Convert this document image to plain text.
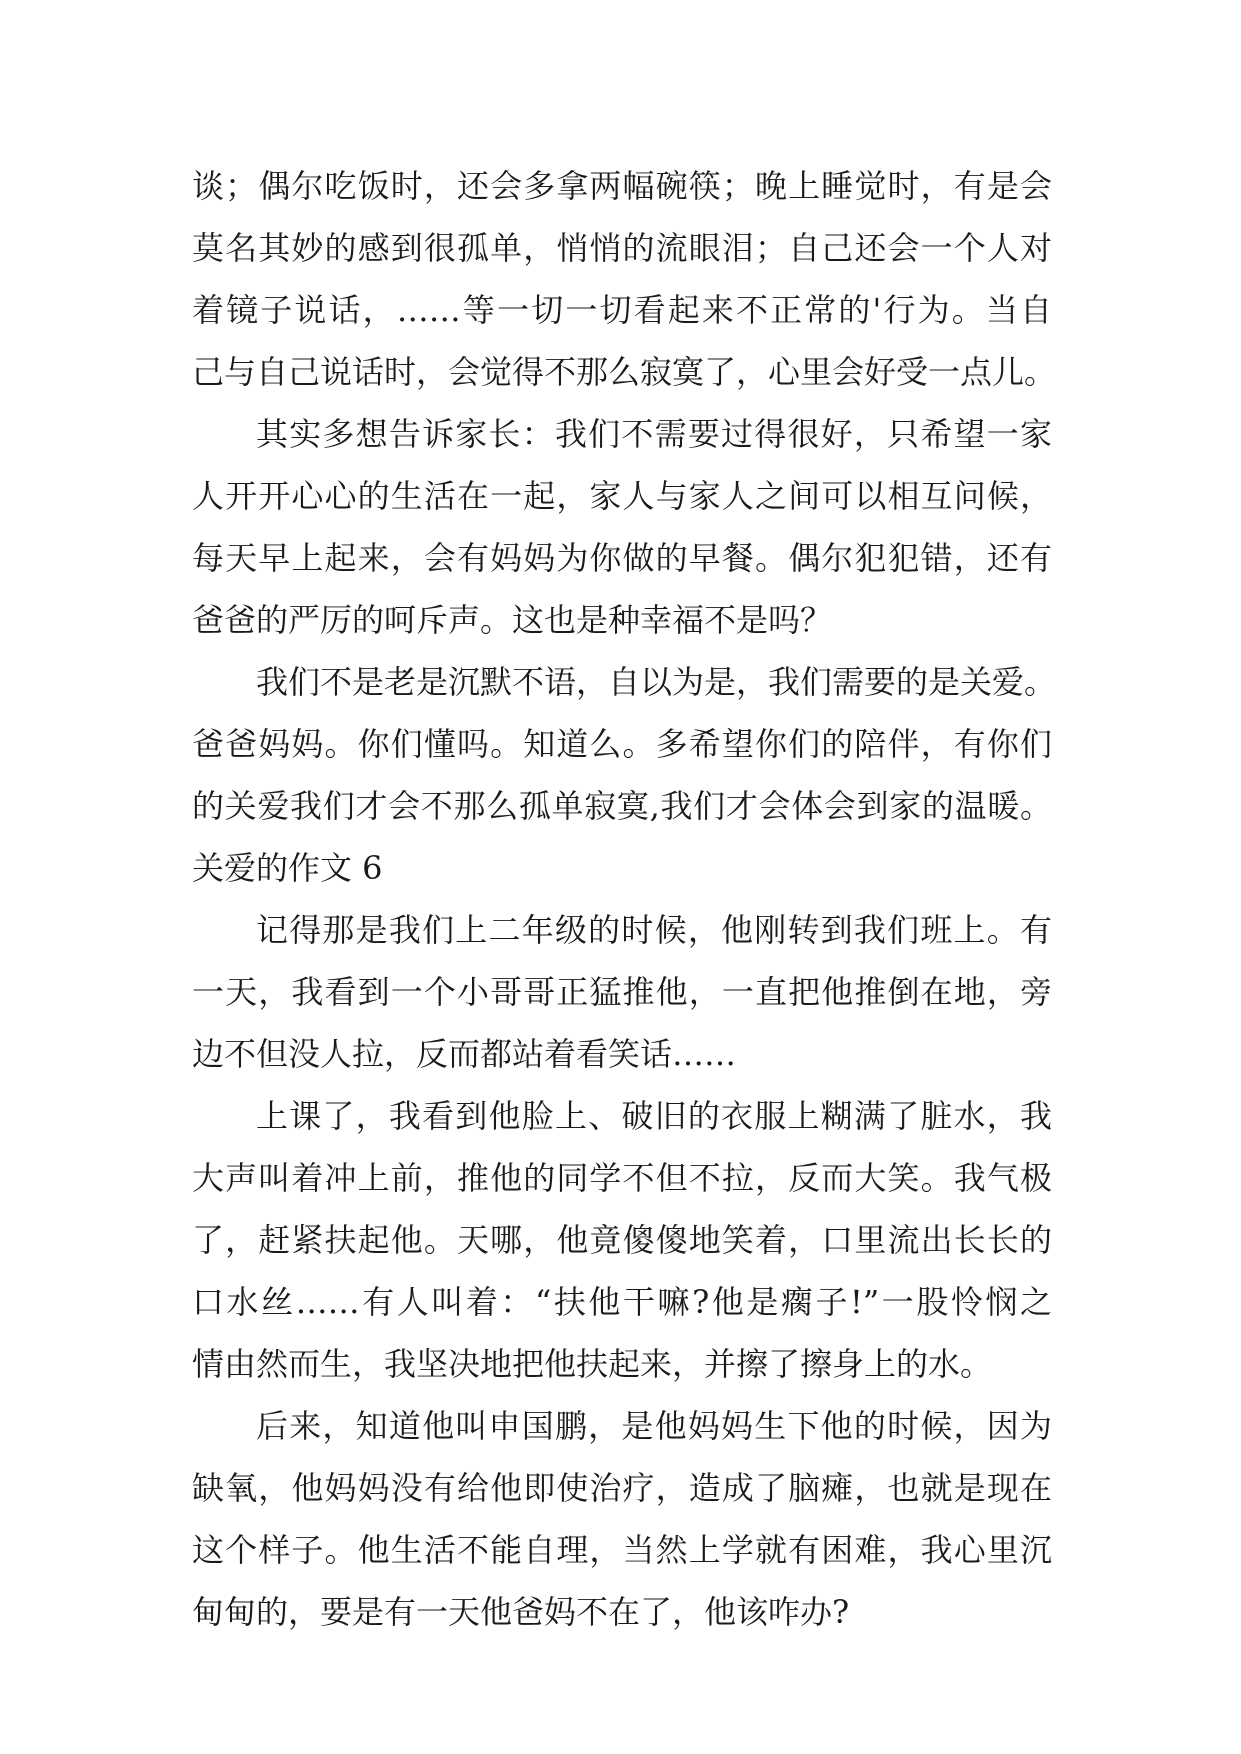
谈；偶尔吃饭时，还会多拿两幅碗筷；晚上睡觉时，有是会
莫名其妙的感到很孤单，悄悄的流眼泪；自己还会一个人对
着镜子说话，……等一切一切看起来不正常的'行为。当自
己与自己说话时，会觉得不那么寂寞了，心里会好受一点儿。
其实多想告诉家长：我们不需要过得很好，只希望一家
人开开心心的生活在一起，家人与家人之间可以相互问候，
每天早上起来，会有妈妈为你做的早餐。偶尔犯犯错，还有
爸爸的严厉的呵斥声。这也是种幸福不是吗？
我们不是老是沉默不语，自以为是，我们需要的是关爱。
爸爸妈妈。你们懂吗。知道么。多希望你们的陪伴，有你们
的关爱我们才会不那么孤单寂寞,我们才会体会到家的温暖。
关爱的作文 6
记得那是我们上二年级的时候，他刚转到我们班上。有
一天，我看到一个小哥哥正猛推他，一直把他推倒在地，旁
边不但没人拉，反而都站着看笑话……
上课了，我看到他脸上、破旧的衣服上糊满了脏水，我
大声叫着冲上前，推他的同学不但不拉，反而大笑。我气极
了，赶紧扶起他。天哪，他竟傻傻地笑着，口里流出长长的
口水丝……有人叫着：“扶他干嘛?他是瘸子!”一股怜悯之
情由然而生，我坚决地把他扶起来，并擦了擦身上的水。
后来，知道他叫申国鹏，是他妈妈生下他的时候，因为
缺氧，他妈妈没有给他即使治疗，造成了脑瘫，也就是现在
这个样子。他生活不能自理，当然上学就有困难，我心里沉
甸甸的，要是有一天他爸妈不在了，他该咋办?
